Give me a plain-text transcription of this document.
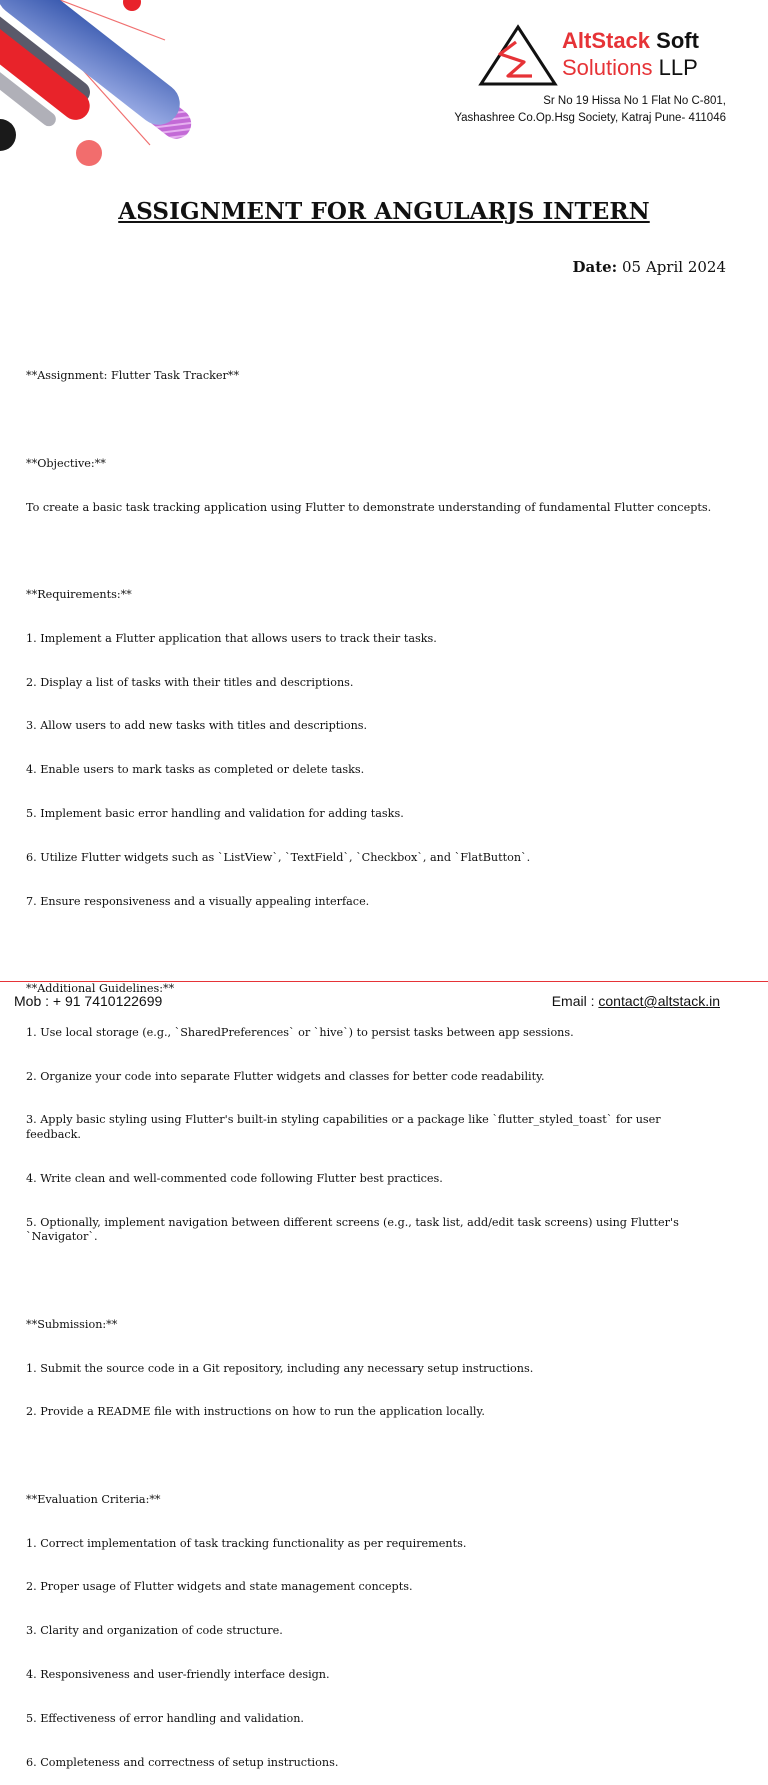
AltStack Soft
Solutions LLP
Sr No 19 Hissa No 1 Flat No C-801,
Yashashree Co.Op.Hsg Society, Katraj Pune- 411046
ASSIGNMENT FOR ANGULARJS INTERN
Date: 05 April 2024

**Assignment: Flutter Task Tracker**

**Objective:**

To create a basic task tracking application using Flutter to demonstrate understanding of fundamental Flutter concepts.

**Requirements:**

1. Implement a Flutter application that allows users to track their tasks.

2. Display a list of tasks with their titles and descriptions.

3. Allow users to add new tasks with titles and descriptions.

4. Enable users to mark tasks as completed or delete tasks.

5. Implement basic error handling and validation for adding tasks.

6. Utilize Flutter widgets such as `ListView`, `TextField`, `Checkbox`, and `FlatButton`.

7. Ensure responsiveness and a visually appealing interface.

**Additional Guidelines:**

1. Use local storage (e.g., `SharedPreferences` or `hive`) to persist tasks between app sessions.

2. Organize your code into separate Flutter widgets and classes for better code readability.

3. Apply basic styling using Flutter's built-in styling capabilities or a package like `flutter_styled_toast` for user feedback.

4. Write clean and well-commented code following Flutter best practices.

5. Optionally, implement navigation between different screens (e.g., task list, add/edit task screens) using Flutter's `Navigator`.

**Submission:**

1. Submit the source code in a Git repository, including any necessary setup instructions.

2. Provide a README file with instructions on how to run the application locally.

**Evaluation Criteria:**

1. Correct implementation of task tracking functionality as per requirements.

2. Proper usage of Flutter widgets and state management concepts.

3. Clarity and organization of code structure.

4. Responsiveness and user-friendly interface design.

5. Effectiveness of error handling and validation.

6. Completeness and correctness of setup instructions.

Mob : + 91 7410122699	Email : contact@altstack.in
